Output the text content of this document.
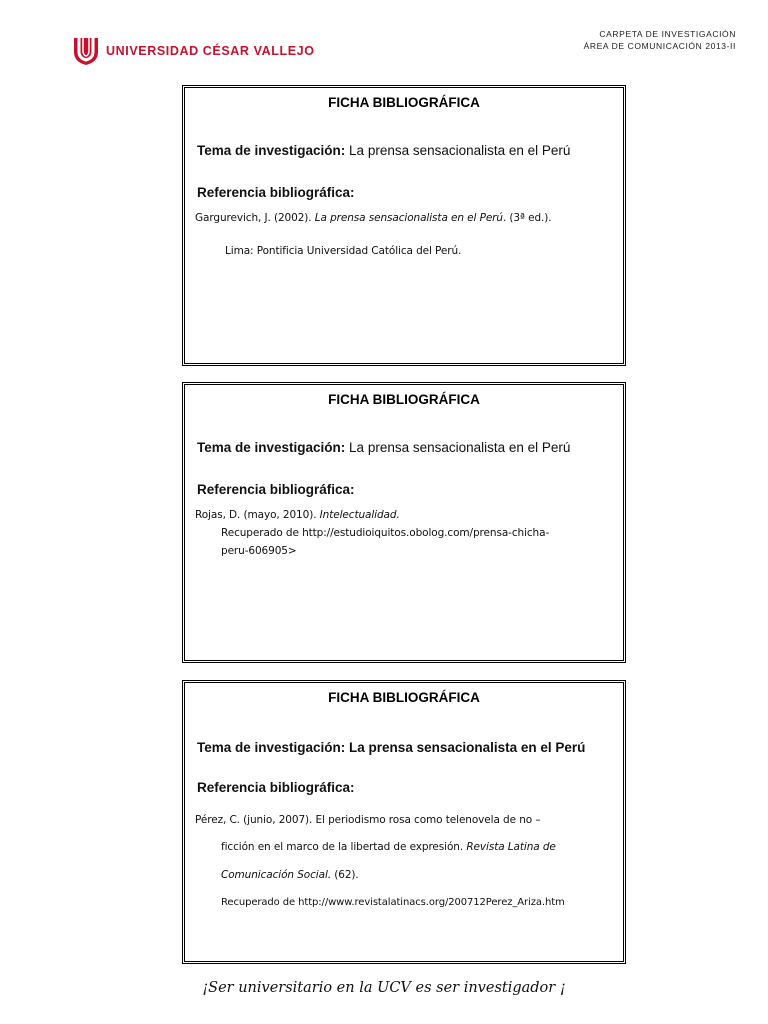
UNIVERSIDAD CÉSAR VALLEJO
CARPETA DE INVESTIGACIÓN
ÁREA DE COMUNICACIÓN 2013-II
FICHA BIBLIOGRÁFICA
Tema de investigación: La prensa sensacionalista en el Perú
Referencia bibliográfica:
Gargurevich, J. (2002). La prensa sensacionalista en el Perú. (3ª ed.).
Lima: Pontificia Universidad Católica del Perú.
FICHA BIBLIOGRÁFICA
Tema de investigación: La prensa sensacionalista en el Perú
Referencia bibliográfica:
Rojas, D. (mayo, 2010). Intelectualidad.
Recuperado de http://estudioiquitos.obolog.com/prensa-chicha-
peru-606905>
FICHA BIBLIOGRÁFICA
Tema de investigación: La prensa sensacionalista en el Perú
Referencia bibliográfica:
Pérez, C. (junio, 2007). El periodismo rosa como telenovela de no –
ficción en el marco de la libertad de expresión. Revista Latina de
Comunicación Social. (62).
Recuperado de http://www.revistalatinacs.org/200712Perez_Ariza.htm
¡Ser universitario en la UCV es ser investigador ¡
